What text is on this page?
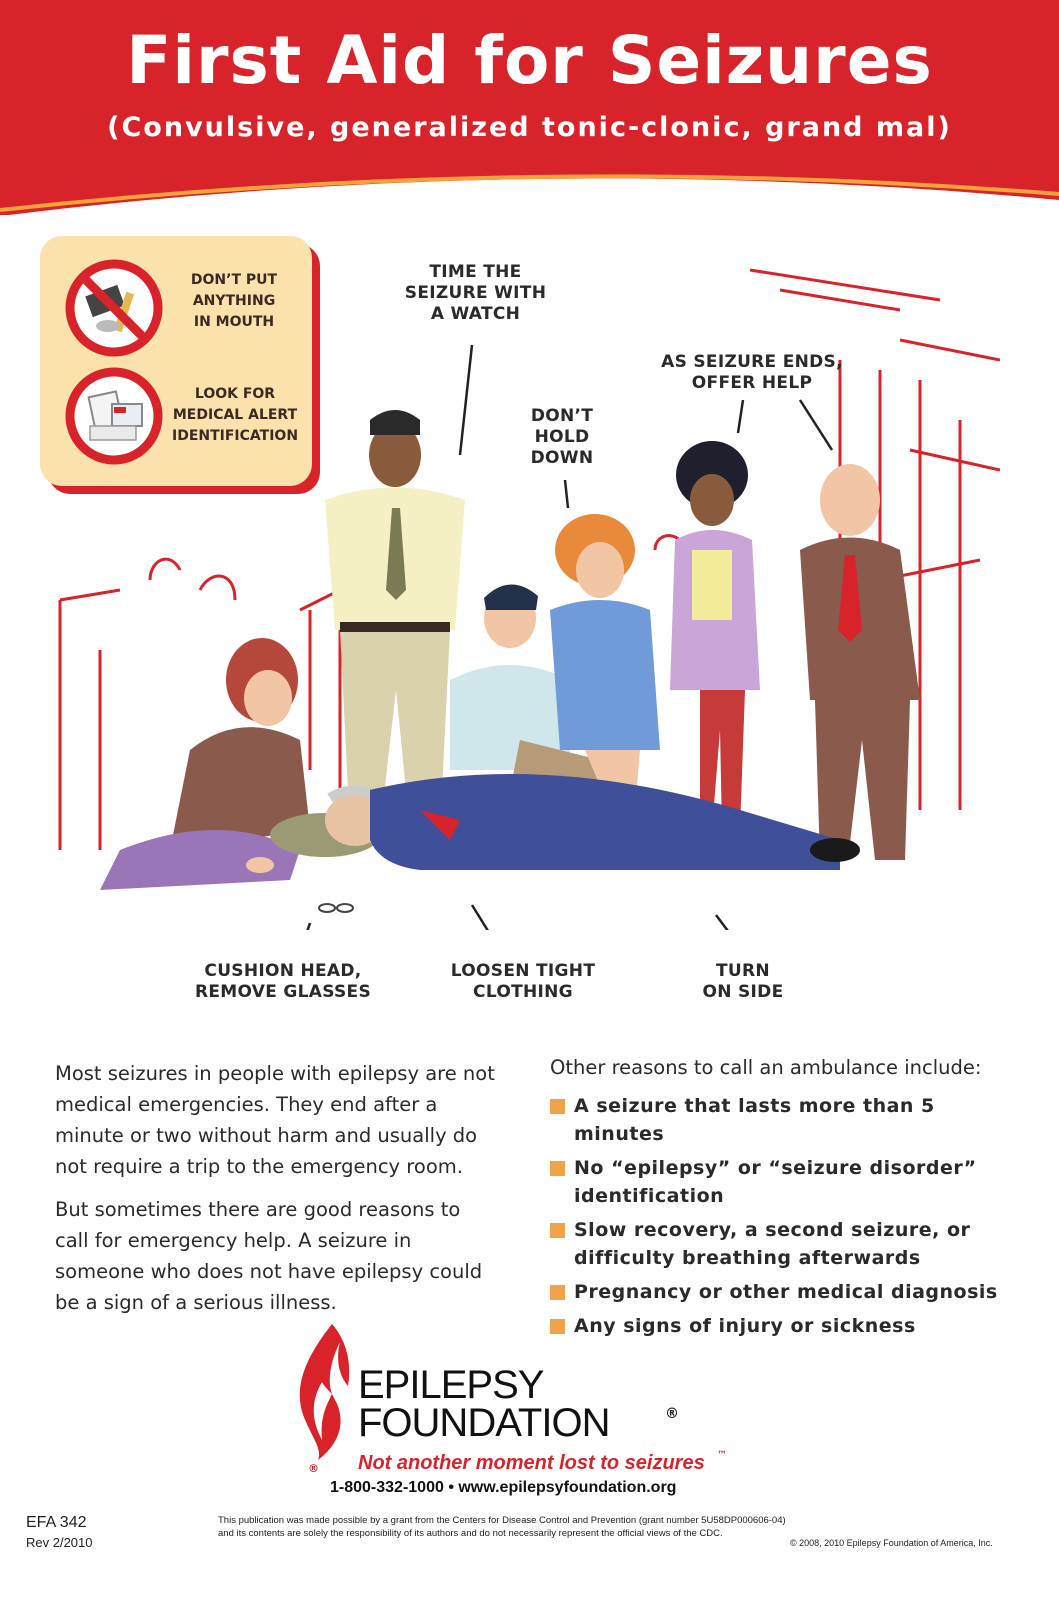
First Aid for Seizures
(Convulsive, generalized tonic-clonic, grand mal)
DON’T PUT
ANYTHING
IN MOUTH
LOOK FOR
MEDICAL ALERT
IDENTIFICATION
TIME THE
SEIZURE WITH
A WATCH
AS SEIZURE ENDS,
OFFER HELP
DON’T
HOLD
DOWN
CUSHION HEAD,
REMOVE GLASSES
LOOSEN TIGHT
CLOTHING
TURN
ON SIDE

Most seizures in people with epilepsy are not medical emergencies. They end after a minute or two without harm and usually do not require a trip to the emergency room.

But sometimes there are good reasons to call for emergency help. A seizure in someone who does not have epilepsy could be a sign of a serious illness.

Other reasons to call an ambulance include:
A seizure that lasts more than 5 minutes
No “epilepsy” or “seizure disorder” identification
Slow recovery, a second seizure, or difficulty breathing afterwards
Pregnancy or other medical diagnosis
Any signs of injury or sickness
EPILEPSY
FOUNDATION	®
® Not another moment lost to seizures ™
1-800-332-1000 • www.epilepsyfoundation.org
EFA 342
Rev 2/2010
This publication was made possible by a grant from the Centers for Disease Control and Prevention (grant number 5U58DP000606-04)
and its contents are solely the responsibility of its authors and do not necessarily represent the official views of the CDC.
© 2008, 2010 Epilepsy Foundation of America, Inc.
